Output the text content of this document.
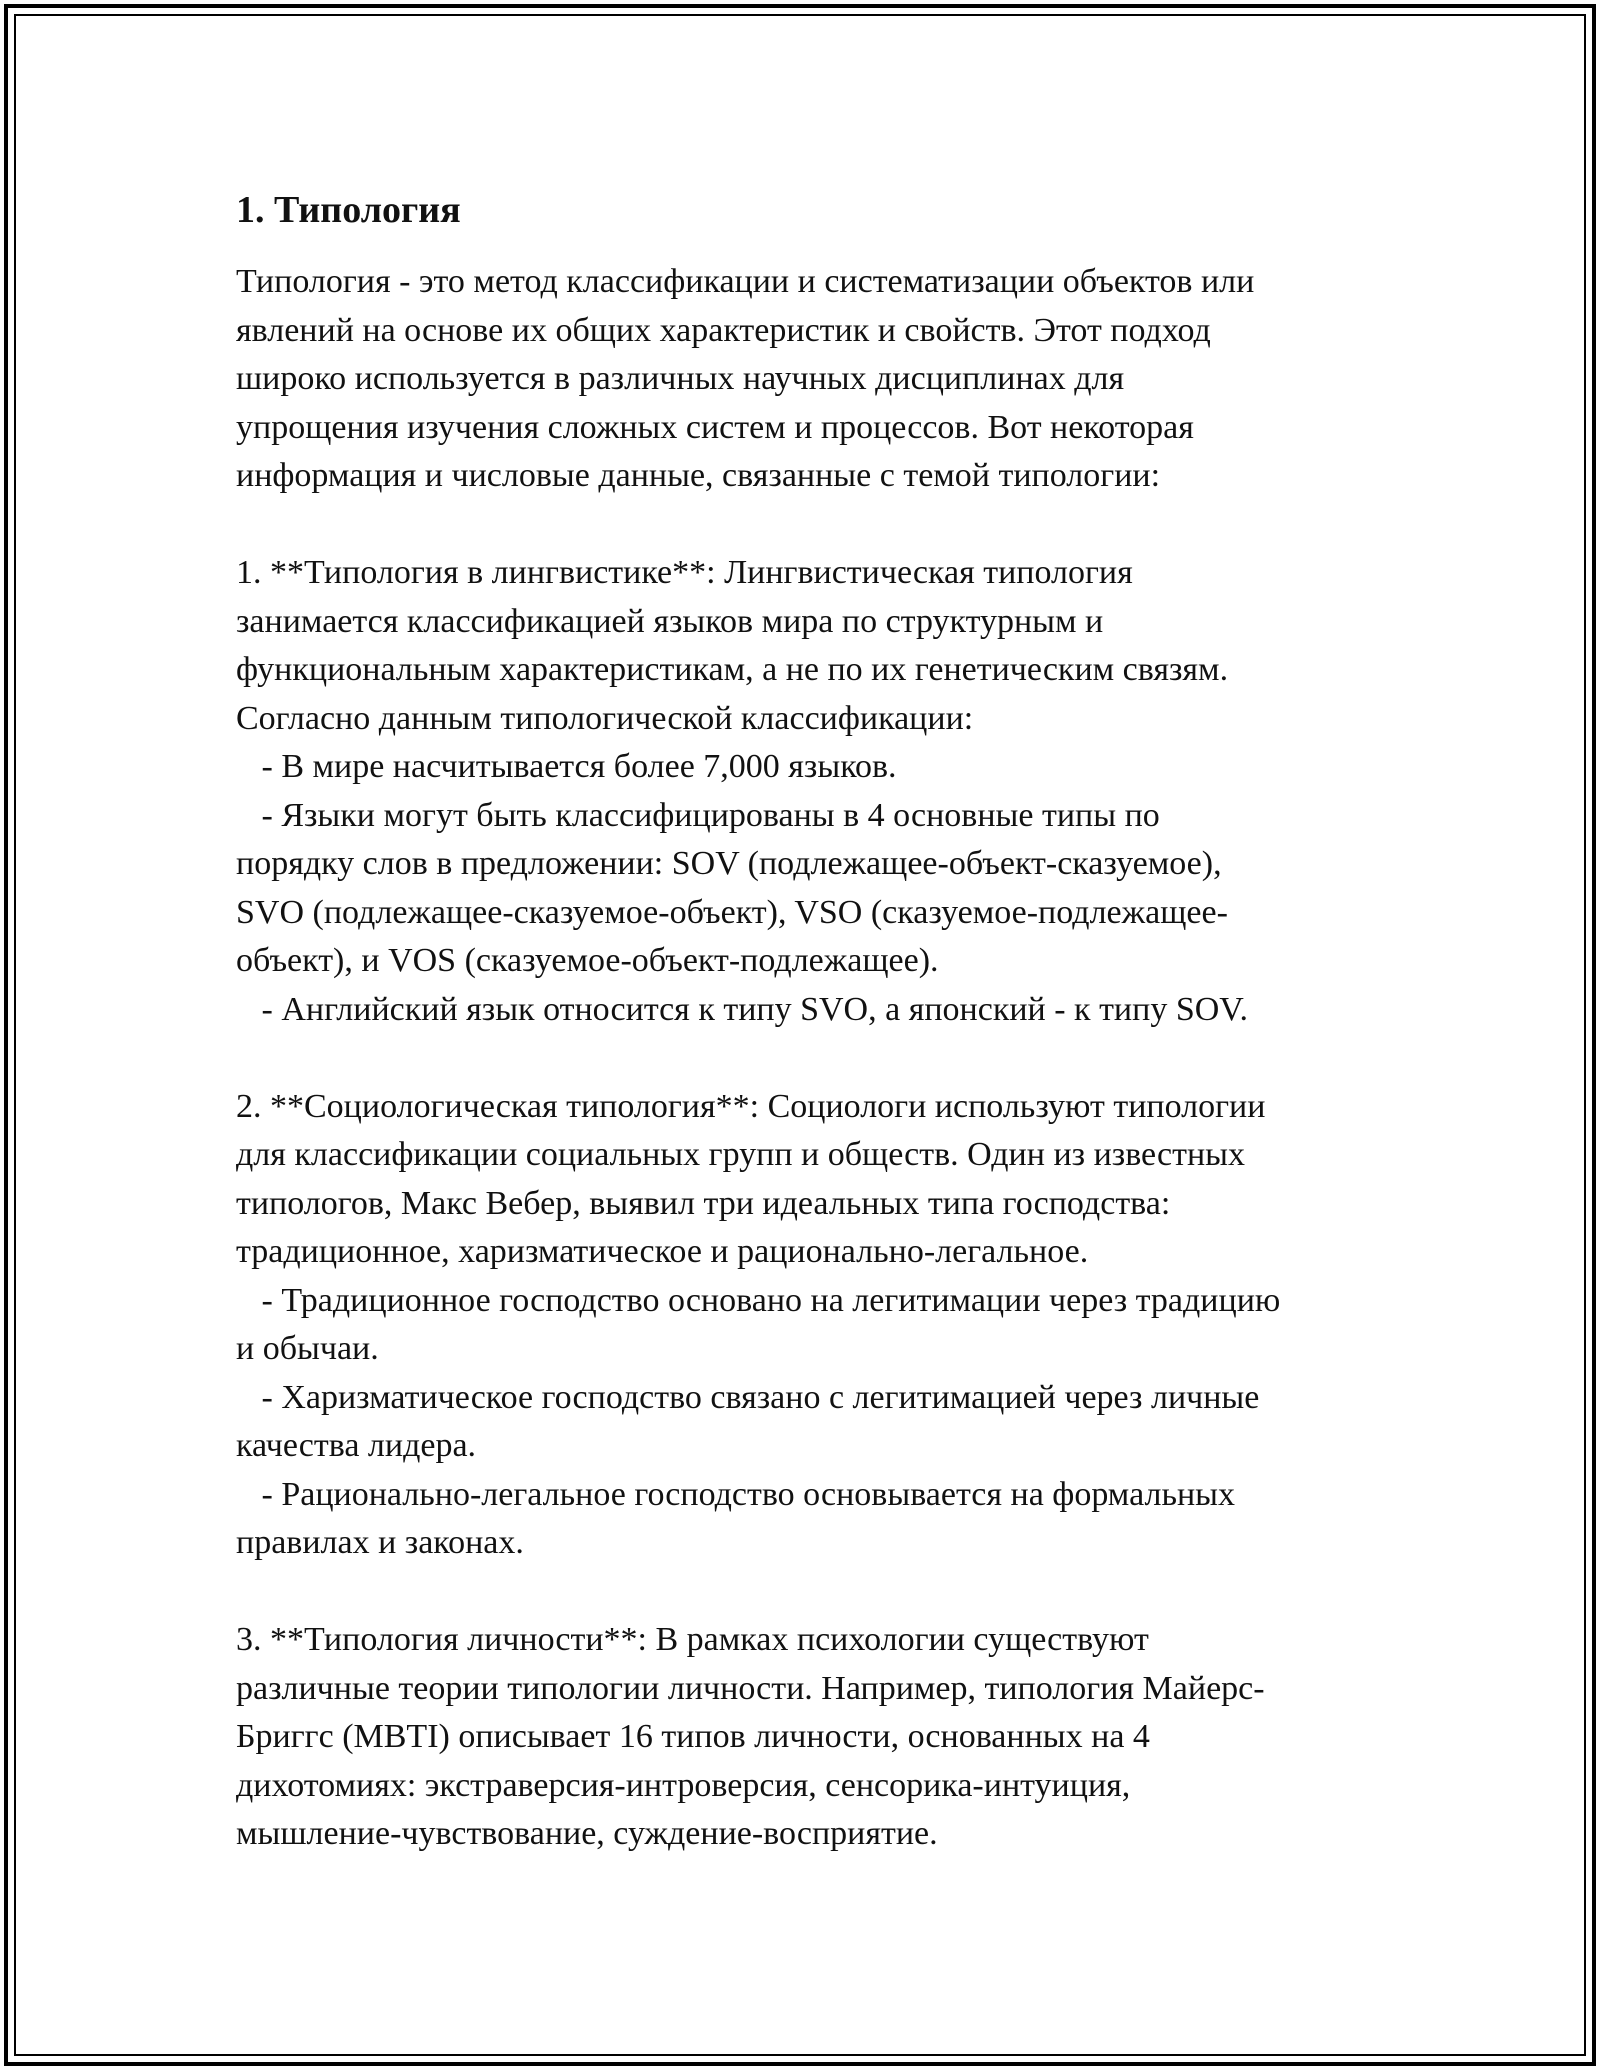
1. Типология
Типология - это метод классификации и систематизации объектов или
явлений на основе их общих характеристик и свойств. Этот подход
широко используется в различных научных дисциплинах для
упрощения изучения сложных систем и процессов. Вот некоторая
информация и числовые данные, связанные с темой типологии:
1. **Типология в лингвистике**: Лингвистическая типология
занимается классификацией языков мира по структурным и
функциональным характеристикам, а не по их генетическим связям.
Согласно данным типологической классификации:
- В мире насчитывается более 7,000 языков.
- Языки могут быть классифицированы в 4 основные типы по
порядку слов в предложении: SOV (подлежащее-объект-сказуемое),
SVO (подлежащее-сказуемое-объект), VSO (сказуемое-подлежащее-
объект), и VOS (сказуемое-объект-подлежащее).
- Английский язык относится к типу SVO, а японский - к типу SOV.
2. **Социологическая типология**: Социологи используют типологии
для классификации социальных групп и обществ. Один из известных
типологов, Макс Вебер, выявил три идеальных типа господства:
традиционное, харизматическое и рационально-легальное.
- Традиционное господство основано на легитимации через традицию
и обычаи.
- Харизматическое господство связано с легитимацией через личные
качества лидера.
- Рационально-легальное господство основывается на формальных
правилах и законах.
3. **Типология личности**: В рамках психологии существуют
различные теории типологии личности. Например, типология Майерс-
Бриггс (MBTI) описывает 16 типов личности, основанных на 4
дихотомиях: экстраверсия-интроверсия, сенсорика-интуиция,
мышление-чувствование, суждение-восприятие.
